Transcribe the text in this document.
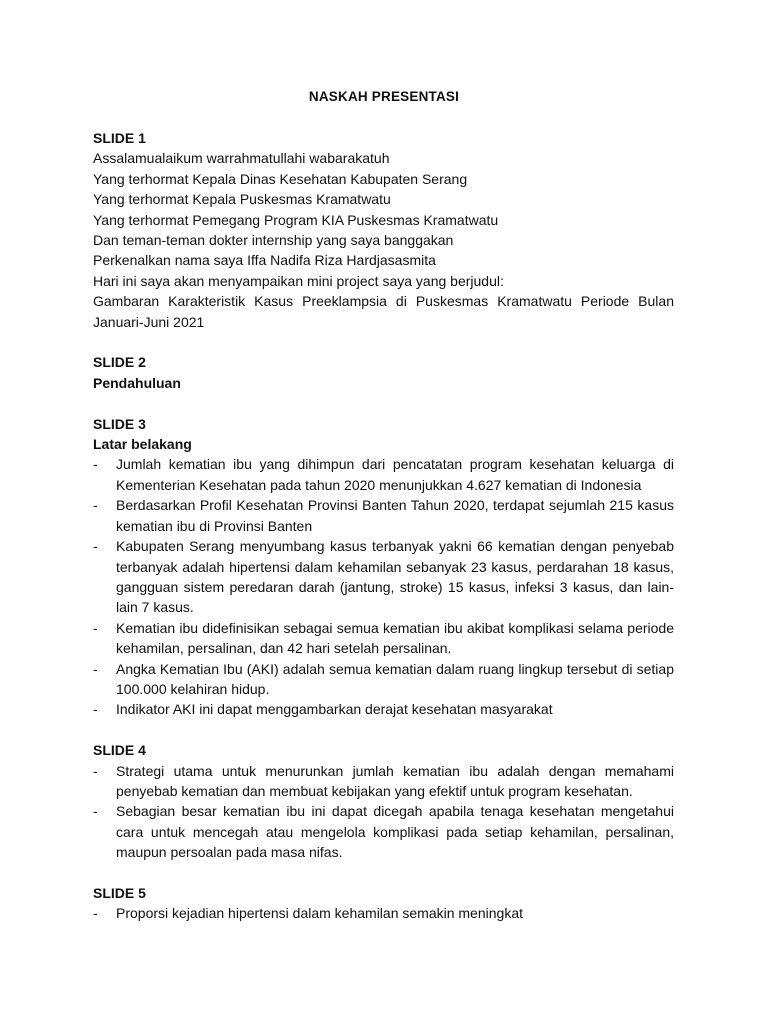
NASKAH PRESENTASI
SLIDE 1
Assalamualaikum warrahmatullahi wabarakatuh
Yang terhormat Kepala Dinas Kesehatan Kabupaten Serang
Yang terhormat Kepala Puskesmas Kramatwatu
Yang terhormat Pemegang Program KIA Puskesmas Kramatwatu
Dan teman-teman dokter internship yang saya banggakan
Perkenalkan nama saya Iffa Nadifa Riza Hardjasasmita
Hari ini saya akan menyampaikan mini project saya yang berjudul:
Gambaran Karakteristik Kasus Preeklampsia di Puskesmas Kramatwatu Periode Bulan Januari-Juni 2021
SLIDE 2
Pendahuluan
SLIDE 3
Latar belakang
- Jumlah kematian ibu yang dihimpun dari pencatatan program kesehatan keluarga di Kementerian Kesehatan pada tahun 2020 menunjukkan 4.627 kematian di Indonesia
- Berdasarkan Profil Kesehatan Provinsi Banten Tahun 2020, terdapat sejumlah 215 kasus kematian ibu di Provinsi Banten
- Kabupaten Serang menyumbang kasus terbanyak yakni 66 kematian dengan penyebab terbanyak adalah hipertensi dalam kehamilan sebanyak 23 kasus, perdarahan 18 kasus, gangguan sistem peredaran darah (jantung, stroke) 15 kasus, infeksi 3 kasus, dan lain-lain 7 kasus.
- Kematian ibu didefinisikan sebagai semua kematian ibu akibat komplikasi selama periode kehamilan, persalinan, dan 42 hari setelah persalinan.
- Angka Kematian Ibu (AKI) adalah semua kematian dalam ruang lingkup tersebut di setiap 100.000 kelahiran hidup.
- Indikator AKI ini dapat menggambarkan derajat kesehatan masyarakat
SLIDE 4
- Strategi utama untuk menurunkan jumlah kematian ibu adalah dengan memahami penyebab kematian dan membuat kebijakan yang efektif untuk program kesehatan.
- Sebagian besar kematian ibu ini dapat dicegah apabila tenaga kesehatan mengetahui cara untuk mencegah atau mengelola komplikasi pada setiap kehamilan, persalinan, maupun persoalan pada masa nifas.
SLIDE 5
- Proporsi kejadian hipertensi dalam kehamilan semakin meningkat
